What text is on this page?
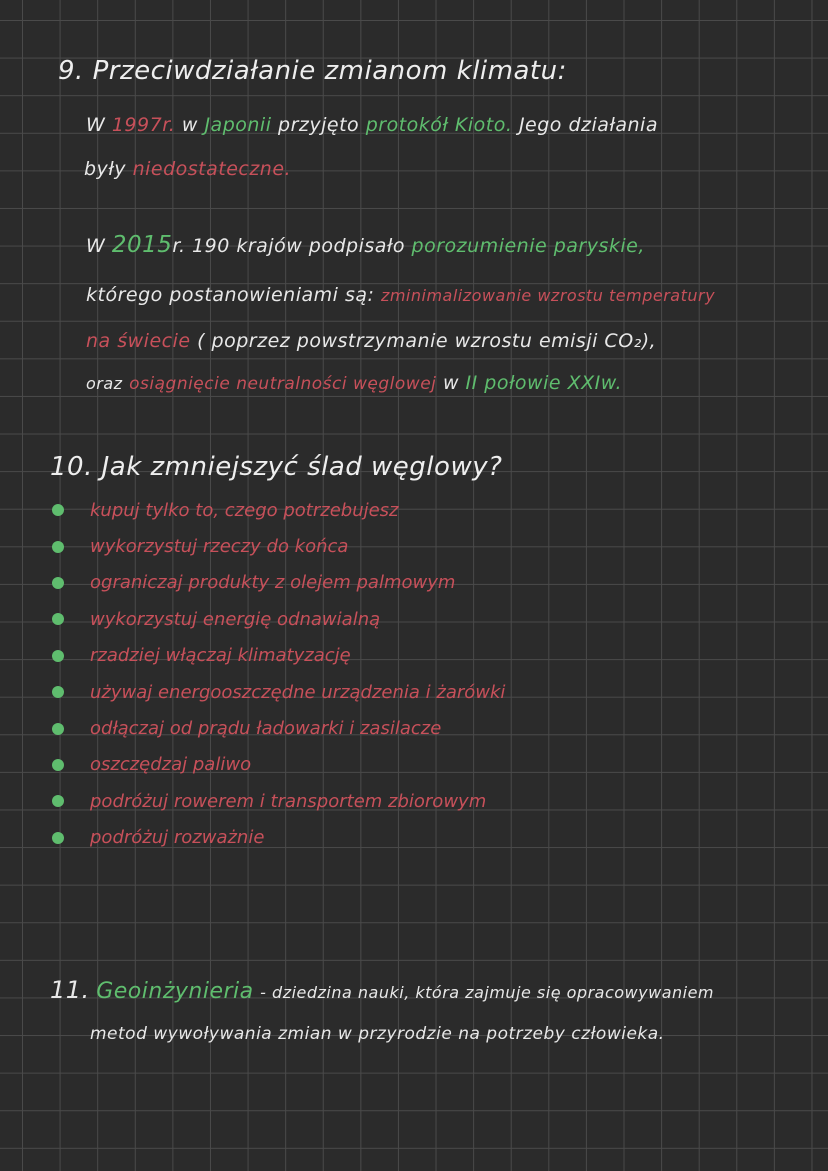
9. Przeciwdziałanie zmianom klimatu:
W 1997r. w Japonii przyjęto protokół Kioto. Jego działania
były niedostateczne.
W 2015r. 190 krajów podpisało porozumienie paryskie,
którego postanowieniami są: zminimalizowanie wzrostu temperatury
na świecie ( poprzez powstrzymanie wzrostu emisji CO₂),
oraz osiągnięcie neutralności węglowej w II połowie XXIw.
10. Jak zmniejszyć ślad węglowy?
kupuj tylko to, czego potrzebujesz
wykorzystuj rzeczy do końca
ograniczaj produkty z olejem palmowym
wykorzystuj energię odnawialną
rzadziej włączaj klimatyzację
używaj energooszczędne urządzenia i żarówki
odłączaj od prądu ładowarki i zasilacze
oszczędzaj paliwo
podróżuj rowerem i transportem zbiorowym
podróżuj rozważnie
11. Geoinżynieria - dziedzina nauki, która zajmuje się opracowywaniem
metod wywoływania zmian w przyrodzie na potrzeby człowieka.
